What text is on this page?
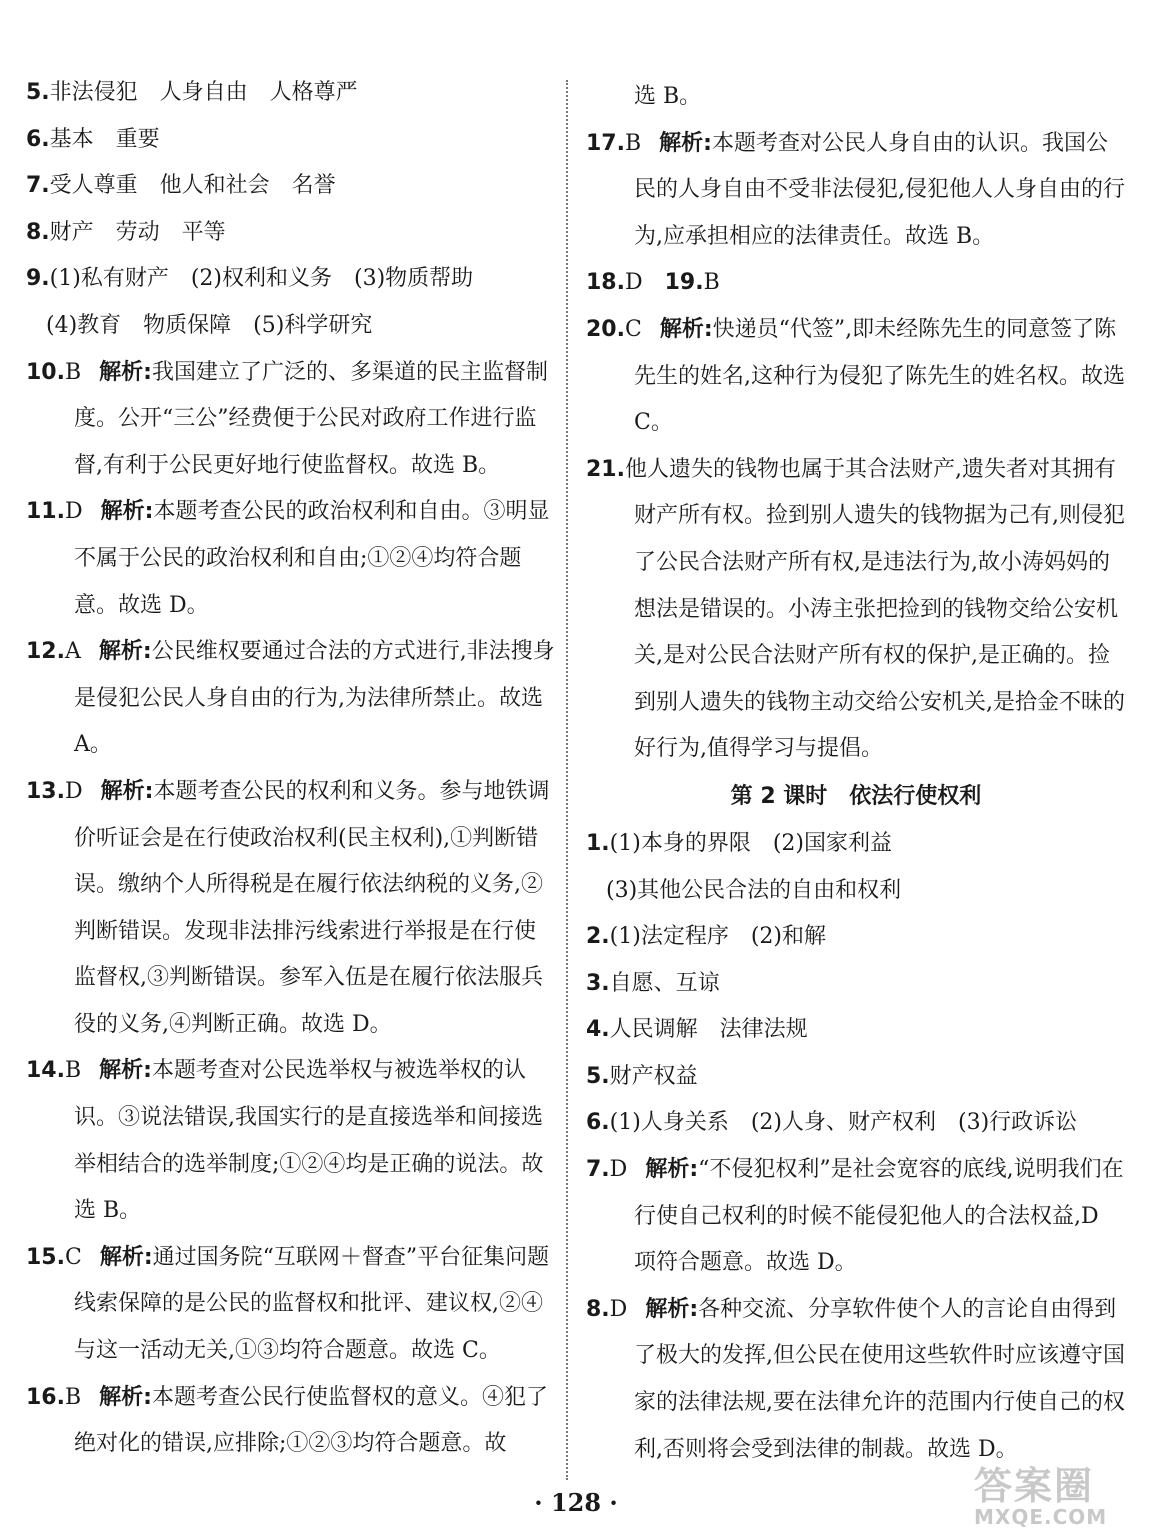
5.非法侵犯　人身自由　人格尊严

6.基本　重要

7.受人尊重　他人和社会　名誉

8.财产　劳动　平等

9.(1)私有财产　(2)权利和义务　(3)物质帮助

(4)教育　物质保障　(5)科学研究

10.B 解析:我国建立了广泛的、多渠道的民主监督制度。公开“三公”经费便于公民对政府工作进行监督,有利于公民更好地行使监督权。故选 B。

11.D 解析:本题考查公民的政治权利和自由。③明显不属于公民的政治权利和自由;①②④均符合题意。故选 D。

12.A 解析:公民维权要通过合法的方式进行,非法搜身是侵犯公民人身自由的行为,为法律所禁止。故选 A。

13.D 解析:本题考查公民的权利和义务。参与地铁调价听证会是在行使政治权利(民主权利),①判断错误。缴纳个人所得税是在履行依法纳税的义务,②判断错误。发现非法排污线索进行举报是在行使监督权,③判断错误。参军入伍是在履行依法服兵役的义务,④判断正确。故选 D。

14.B 解析:本题考查对公民选举权与被选举权的认识。③说法错误,我国实行的是直接选举和间接选举相结合的选举制度;①②④均是正确的说法。故选 B。

15.C 解析:通过国务院“互联网＋督查”平台征集问题线索保障的是公民的监督权和批评、建议权,②④与这一活动无关,①③均符合题意。故选 C。

16.B 解析:本题考查公民行使监督权的意义。④犯了绝对化的错误,应排除;①②③均符合题意。故

选 B。

17.B 解析:本题考查对公民人身自由的认识。我国公民的人身自由不受非法侵犯,侵犯他人人身自由的行为,应承担相应的法律责任。故选 B。

18.D　19.B

20.C 解析:快递员“代签”,即未经陈先生的同意签了陈先生的姓名,这种行为侵犯了陈先生的姓名权。故选 C。

21.他人遗失的钱物也属于其合法财产,遗失者对其拥有财产所有权。捡到别人遗失的钱物据为己有,则侵犯了公民合法财产所有权,是违法行为,故小涛妈妈的想法是错误的。小涛主张把捡到的钱物交给公安机关,是对公民合法财产所有权的保护,是正确的。捡到别人遗失的钱物主动交给公安机关,是拾金不昧的好行为,值得学习与提倡。

第 2 课时　依法行使权利

1.(1)本身的界限　(2)国家利益

(3)其他公民合法的自由和权利

2.(1)法定程序　(2)和解

3.自愿、互谅

4.人民调解　法律法规

5.财产权益

6.(1)人身关系　(2)人身、财产权利　(3)行政诉讼

7.D 解析:“不侵犯权利”是社会宽容的底线,说明我们在行使自己权利的时候不能侵犯他人的合法权益,D 项符合题意。故选 D。

8.D 解析:各种交流、分享软件使个人的言论自由得到了极大的发挥,但公民在使用这些软件时应该遵守国家的法律法规,要在法律允许的范围内行使自己的权利,否则将会受到法律的制裁。故选 D。

· 128 ·	答案圈
MXQE.COM
